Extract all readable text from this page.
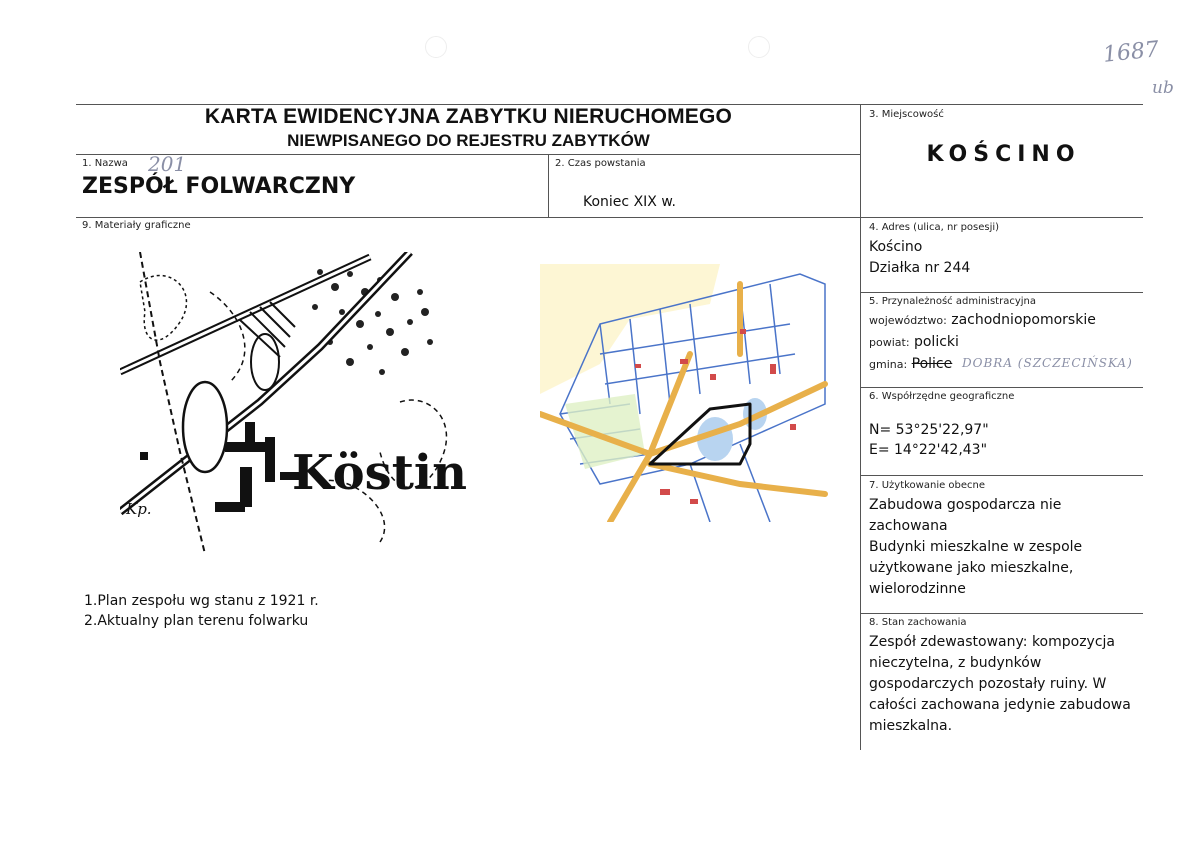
1687
ub
KARTA EWIDENCYJNA ZABYTKU NIERUCHOMEGO
NIEWPISANEGO DO REJESTRU ZABYTKÓW
1. Nazwa 201
ZESPÓŁ FOLWARCZNY
2. Czas powstania
Koniec XIX w.
3. Miejscowość
KOŚCINO
4. Adres (ulica, nr posesji)
Kościno
Działka nr 244
5. Przynależność administracyjna
województwo: zachodniopomorskie
powiat: policki
gmina: Police DOBRA (SZCZECIŃSKA)
6. Współrzędne geograficzne
N= 53°25'22,97"
E= 14°22'42,43"
7. Użytkowanie obecne
Zabudowa gospodarcza nie
zachowana
Budynki mieszkalne w zespole
użytkowane jako mieszkalne,
wielorodzinne
8. Stan zachowania
Zespół zdewastowany: kompozycja
nieczytelna, z budynków
gospodarczych pozostały ruiny. W
całości zachowana jedynie zabudowa
mieszkalna.
9. Materiały graficzne
Kp.
Köstin
1.Plan zespołu wg stanu z 1921 r.
2.Aktualny plan terenu folwarku
